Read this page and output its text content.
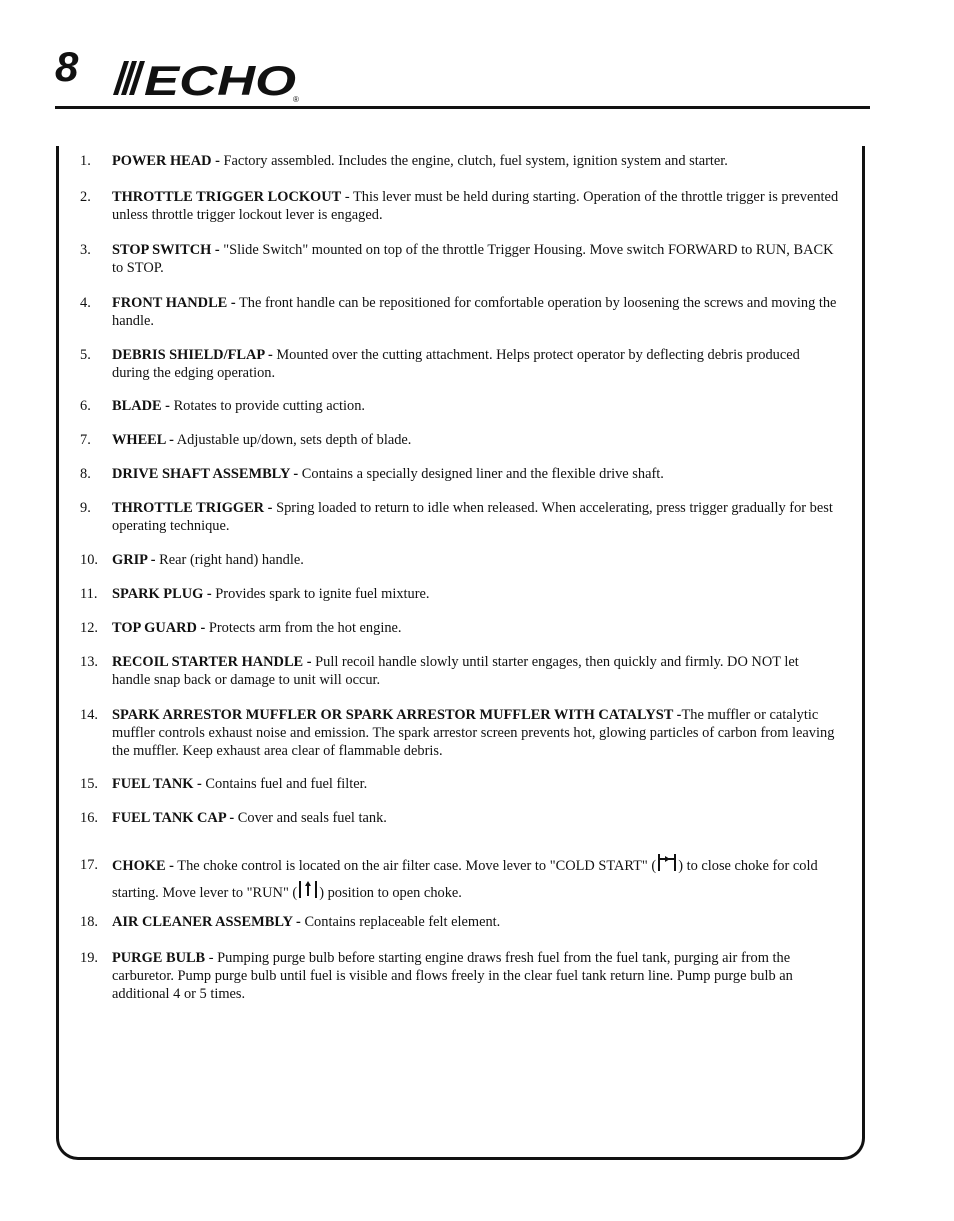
8 ECHO
®
1.	POWER HEAD - Factory assembled. Includes the engine, clutch, fuel system, ignition system and starter.
2.	THROTTLE TRIGGER LOCKOUT - This lever must be held during starting. Operation of the throttle trigger is prevented unless throttle trigger lockout lever is engaged.
3.	STOP SWITCH - "Slide Switch" mounted on top of the throttle Trigger Housing. Move switch FORWARD to RUN, BACK to STOP.
4.	FRONT HANDLE - The front handle can be repositioned for comfortable operation by loosening the screws and moving the handle.
5.	DEBRIS SHIELD/FLAP - Mounted over the cutting attachment. Helps protect operator by deflecting debris produced during the edging operation.
6.	BLADE - Rotates to provide cutting action.
7.	WHEEL - Adjustable up/down, sets depth of blade.
8.	DRIVE SHAFT ASSEMBLY - Contains a specially designed liner and the flexible drive shaft.
9.	THROTTLE TRIGGER - Spring loaded to return to idle when released. When accelerating, press trigger gradually for best operating technique.
10. GRIP - Rear (right hand) handle.
11.	SPARK PLUG - Provides spark to ignite fuel mixture.
12. TOP GUARD - Protects arm from the hot engine.
13. RECOIL STARTER HANDLE - Pull recoil handle slowly until starter engages, then quickly and firmly. DO NOT let handle snap back or damage to unit will occur.
14. SPARK ARRESTOR MUFFLER OR SPARK ARRESTOR MUFFLER WITH CATALYST -The muffler or catalytic muffler controls exhaust noise and emission. The spark arrestor screen prevents hot, glowing particles of carbon from leaving the muffler. Keep exhaust area clear of flammable debris.
15. FUEL TANK - Contains fuel and fuel filter.
16. FUEL TANK CAP - Cover and seals fuel tank.
17. CHOKE - The choke control is located on the air filter case. Move lever to "COLD START" ( ) to close choke for cold starting. Move lever to "RUN" ( ) position to open choke.
18. AIR CLEANER ASSEMBLY - Contains replaceable felt element.
19. PURGE BULB - Pumping purge bulb before starting engine draws fresh fuel from the fuel tank, purging air from the carburetor. Pump purge bulb until fuel is visible and flows freely in the clear fuel tank return line. Pump purge bulb an additional 4 or 5 times.
